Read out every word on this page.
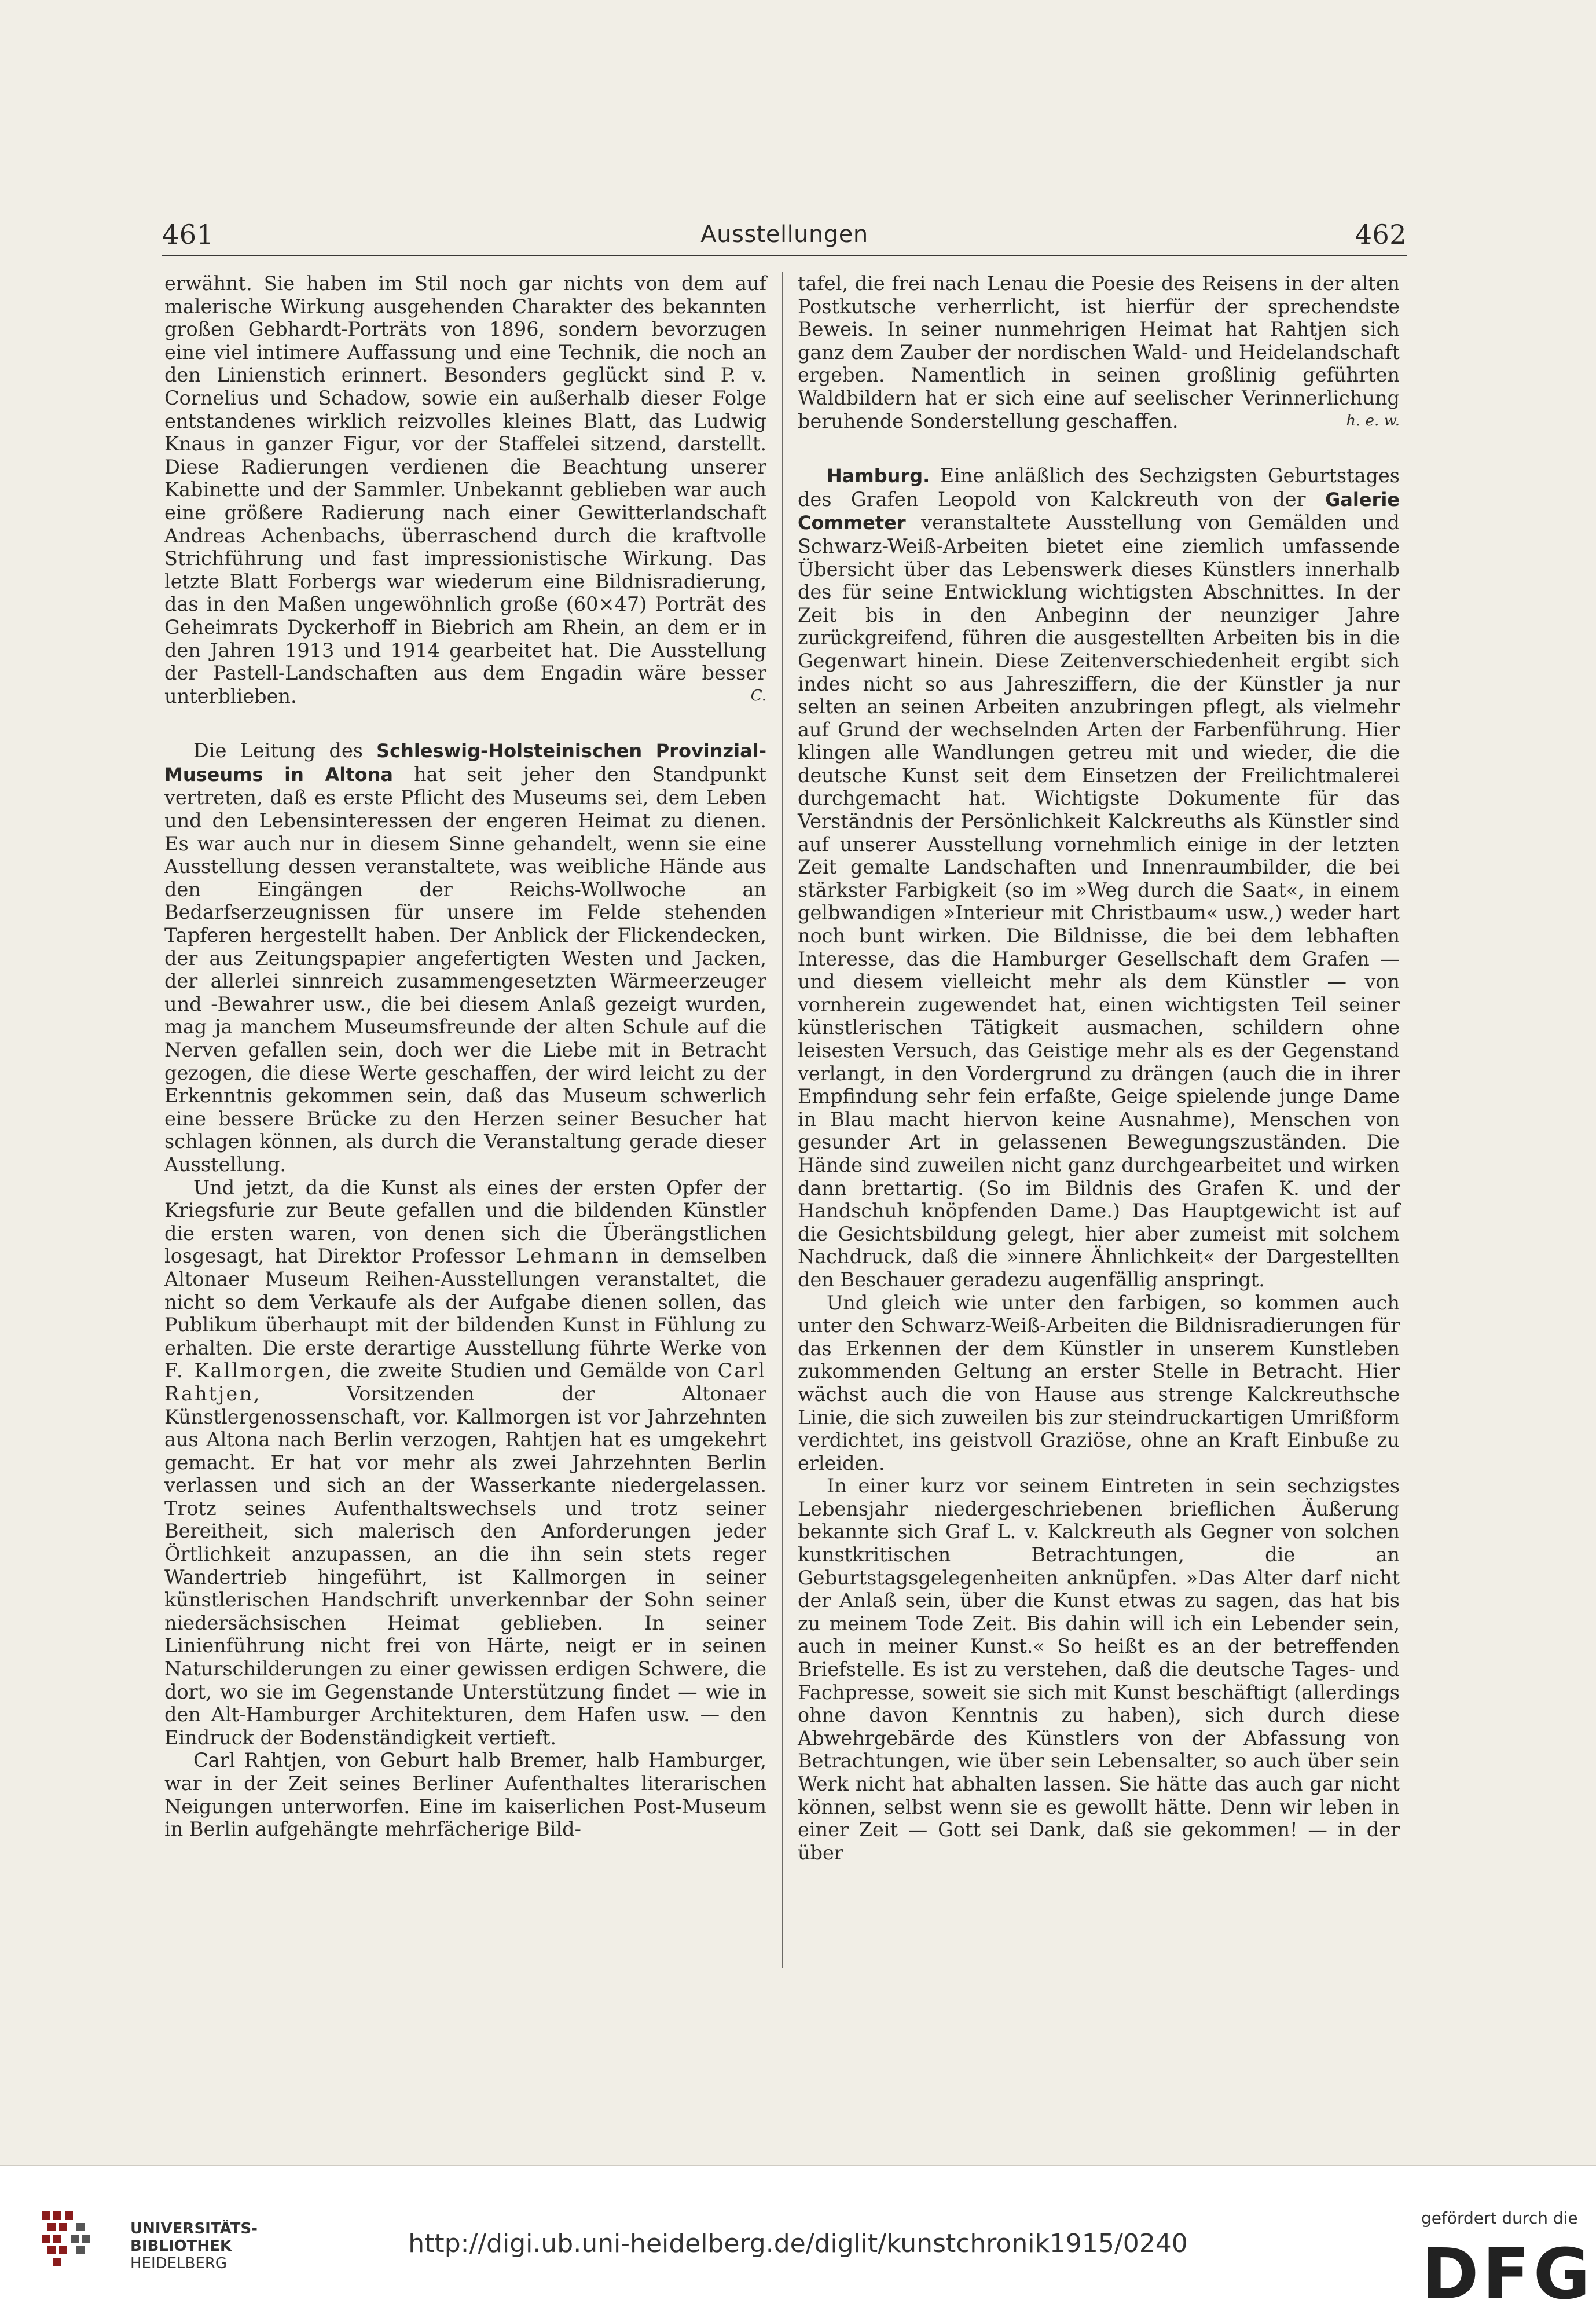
461	Ausstellungen	462

erwähnt. Sie haben im Stil noch gar nichts von dem auf malerische Wirkung ausgehenden Charakter des bekannten großen Gebhardt-Porträts von 1896, sondern bevorzugen eine viel intimere Auffassung und eine Technik, die noch an den Linienstich erinnert. Besonders geglückt sind P. v. Cornelius und Schadow, sowie ein außerhalb dieser Folge entstandenes wirklich reizvolles kleines Blatt, das Ludwig Knaus in ganzer Figur, vor der Staffelei sitzend, darstellt. Diese Radierungen verdienen die Beachtung unserer Kabinette und der Sammler. Unbekannt geblieben war auch eine größere Radierung nach einer Gewitterlandschaft Andreas Achenbachs, überraschend durch die kraftvolle Strichführung und fast impressionistische Wirkung. Das letzte Blatt Forbergs war wiederum eine Bildnisradierung, das in den Maßen ungewöhnlich große (60×47) Porträt des Geheimrats Dyckerhoff in Biebrich am Rhein, an dem er in den Jahren 1913 und 1914 gearbeitet hat. Die Ausstellung der Pastell-Landschaften aus dem Engadin wäre besser unterblieben.	C.

Die Leitung des Schleswig-Holsteinischen Provinzial-Museums in Altona hat seit jeher den Standpunkt vertreten, daß es erste Pflicht des Museums sei, dem Leben und den Lebensinteressen der engeren Heimat zu dienen. Es war auch nur in diesem Sinne gehandelt, wenn sie eine Ausstellung dessen veranstaltete, was weibliche Hände aus den Eingängen der Reichs-Wollwoche an Bedarfserzeugnissen für unsere im Felde stehenden Tapferen hergestellt haben. Der Anblick der Flickendecken, der aus Zeitungspapier angefertigten Westen und Jacken, der allerlei sinnreich zusammengesetzten Wärmeerzeuger und -Bewahrer usw., die bei diesem Anlaß gezeigt wurden, mag ja manchem Museumsfreunde der alten Schule auf die Nerven gefallen sein, doch wer die Liebe mit in Betracht gezogen, die diese Werte geschaffen, der wird leicht zu der Erkenntnis gekommen sein, daß das Museum schwerlich eine bessere Brücke zu den Herzen seiner Besucher hat schlagen können, als durch die Veranstaltung gerade dieser Ausstellung.

Und jetzt, da die Kunst als eines der ersten Opfer der Kriegsfurie zur Beute gefallen und die bildenden Künstler die ersten waren, von denen sich die Überängstlichen losgesagt, hat Direktor Professor Lehmann in demselben Altonaer Museum Reihen-Ausstellungen veranstaltet, die nicht so dem Verkaufe als der Aufgabe dienen sollen, das Publikum überhaupt mit der bildenden Kunst in Fühlung zu erhalten. Die erste derartige Ausstellung führte Werke von F. Kallmorgen, die zweite Studien und Gemälde von Carl Rahtjen, Vorsitzenden der Altonaer Künstlergenossenschaft, vor. Kallmorgen ist vor Jahrzehnten aus Altona nach Berlin verzogen, Rahtjen hat es umgekehrt gemacht. Er hat vor mehr als zwei Jahrzehnten Berlin verlassen und sich an der Wasserkante niedergelassen. Trotz seines Aufenthaltswechsels und trotz seiner Bereitheit, sich malerisch den Anforderungen jeder Örtlichkeit anzupassen, an die ihn sein stets reger Wandertrieb hingeführt, ist Kallmorgen in seiner künstlerischen Handschrift unverkennbar der Sohn seiner niedersächsischen Heimat geblieben. In seiner Linienführung nicht frei von Härte, neigt er in seinen Naturschilderungen zu einer gewissen erdigen Schwere, die dort, wo sie im Gegenstande Unterstützung findet — wie in den Alt-Hamburger Architekturen, dem Hafen usw. — den Eindruck der Bodenständigkeit vertieft.

Carl Rahtjen, von Geburt halb Bremer, halb Hamburger, war in der Zeit seines Berliner Aufenthaltes literarischen Neigungen unterworfen. Eine im kaiserlichen Post-Museum in Berlin aufgehängte mehrfächerige Bild-

tafel, die frei nach Lenau die Poesie des Reisens in der alten Postkutsche verherrlicht, ist hierfür der sprechendste Beweis. In seiner nunmehrigen Heimat hat Rahtjen sich ganz dem Zauber der nordischen Wald- und Heidelandschaft ergeben. Namentlich in seinen großlinig geführten Waldbildern hat er sich eine auf seelischer Verinnerlichung beruhende Sonderstellung geschaffen.	h. e. w.

Hamburg. Eine anläßlich des Sechzigsten Geburtstages des Grafen Leopold von Kalckreuth von der Galerie Commeter veranstaltete Ausstellung von Gemälden und Schwarz-Weiß-Arbeiten bietet eine ziemlich umfassende Übersicht über das Lebenswerk dieses Künstlers innerhalb des für seine Entwicklung wichtigsten Abschnittes. In der Zeit bis in den Anbeginn der neunziger Jahre zurückgreifend, führen die ausgestellten Arbeiten bis in die Gegenwart hinein. Diese Zeitenverschiedenheit ergibt sich indes nicht so aus Jahresziffern, die der Künstler ja nur selten an seinen Arbeiten anzubringen pflegt, als vielmehr auf Grund der wechselnden Arten der Farbenführung. Hier klingen alle Wandlungen getreu mit und wieder, die die deutsche Kunst seit dem Einsetzen der Freilichtmalerei durchgemacht hat. Wichtigste Dokumente für das Verständnis der Persönlichkeit Kalckreuths als Künstler sind auf unserer Ausstellung vornehmlich einige in der letzten Zeit gemalte Landschaften und Innenraumbilder, die bei stärkster Farbigkeit (so im »Weg durch die Saat«, in einem gelbwandigen »Interieur mit Christbaum« usw.,) weder hart noch bunt wirken. Die Bildnisse, die bei dem lebhaften Interesse, das die Hamburger Gesellschaft dem Grafen — und diesem vielleicht mehr als dem Künstler — von vornherein zugewendet hat, einen wichtigsten Teil seiner künstlerischen Tätigkeit ausmachen, schildern ohne leisesten Versuch, das Geistige mehr als es der Gegenstand verlangt, in den Vordergrund zu drängen (auch die in ihrer Empfindung sehr fein erfaßte, Geige spielende junge Dame in Blau macht hiervon keine Ausnahme), Menschen von gesunder Art in gelassenen Bewegungszuständen. Die Hände sind zuweilen nicht ganz durchgearbeitet und wirken dann brettartig. (So im Bildnis des Grafen K. und der Handschuh knöpfenden Dame.) Das Hauptgewicht ist auf die Gesichtsbildung gelegt, hier aber zumeist mit solchem Nachdruck, daß die »innere Ähnlichkeit« der Dargestellten den Beschauer geradezu augenfällig anspringt.

Und gleich wie unter den farbigen, so kommen auch unter den Schwarz-Weiß-Arbeiten die Bildnisradierungen für das Erkennen der dem Künstler in unserem Kunstleben zukommenden Geltung an erster Stelle in Betracht. Hier wächst auch die von Hause aus strenge Kalckreuthsche Linie, die sich zuweilen bis zur steindruckartigen Umrißform verdichtet, ins geistvoll Graziöse, ohne an Kraft Einbuße zu erleiden.

In einer kurz vor seinem Eintreten in sein sechzigstes Lebensjahr niedergeschriebenen brieflichen Äußerung bekannte sich Graf L. v. Kalckreuth als Gegner von solchen kunstkritischen Betrachtungen, die an Geburtstagsgelegenheiten anknüpfen. »Das Alter darf nicht der Anlaß sein, über die Kunst etwas zu sagen, das hat bis zu meinem Tode Zeit. Bis dahin will ich ein Lebender sein, auch in meiner Kunst.« So heißt es an der betreffenden Briefstelle. Es ist zu verstehen, daß die deutsche Tages- und Fachpresse, soweit sie sich mit Kunst beschäftigt (allerdings ohne davon Kenntnis zu haben), sich durch diese Abwehrgebärde des Künstlers von der Abfassung von Betrachtungen, wie über sein Lebensalter, so auch über sein Werk nicht hat abhalten lassen. Sie hätte das auch gar nicht können, selbst wenn sie es gewollt hätte. Denn wir leben in einer Zeit — Gott sei Dank, daß sie gekommen! — in der über

UNIVERSITÄTS-
BIBLIOTHEK
HEIDELBERG
http://digi.ub.uni-heidelberg.de/diglit/kunstchronik1915/0240
gefördert durch die
DFG
